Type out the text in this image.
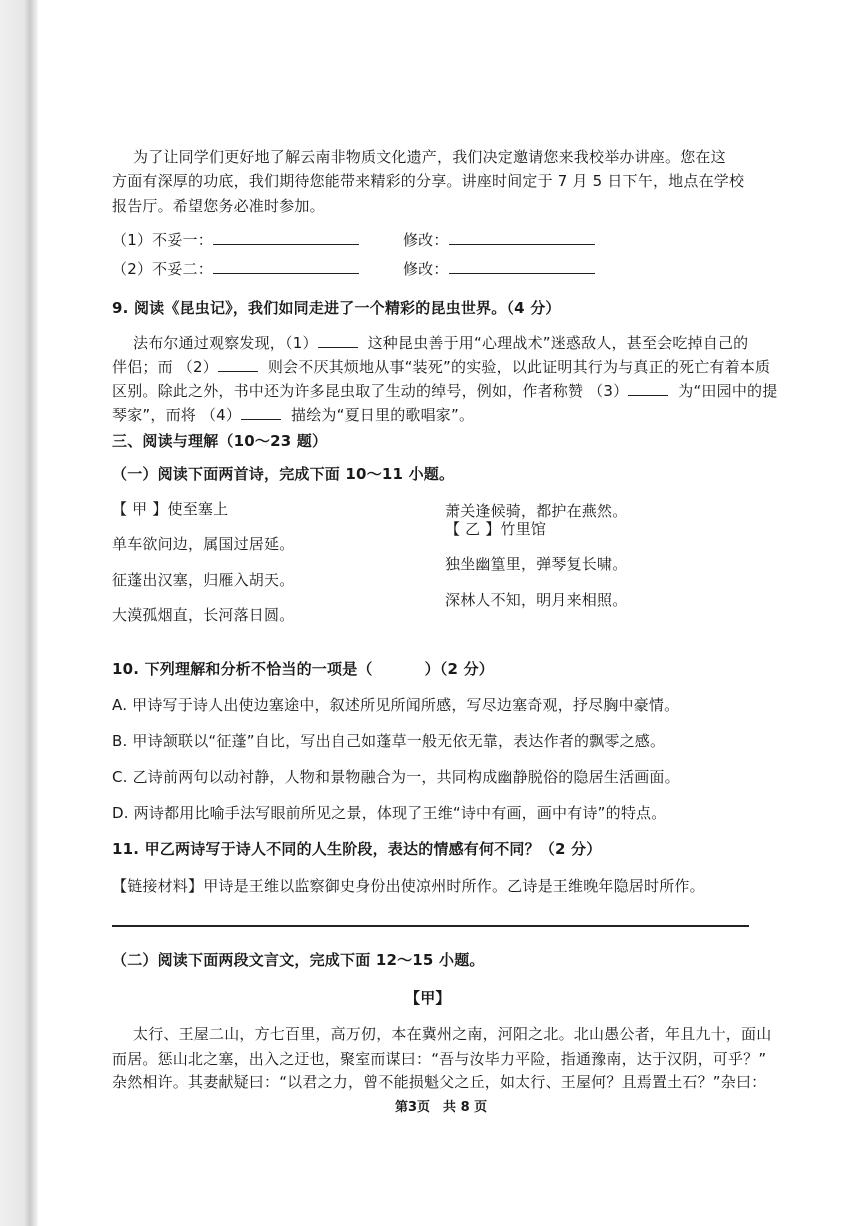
为了让同学们更好地了解云南非物质文化遗产，我们决定邀请您来我校举办讲座。您在这
方面有深厚的功底，我们期待您能带来精彩的分享。讲座时间定于 7 月 5 日下午，地点在学校
报告厅。希望您务必准时参加。
（1）不妥一：	修改：
（2）不妥二：	修改：
9. 阅读《昆虫记》，我们如同走进了一个精彩的昆虫世界。（4 分）
法布尔通过观察发现，（1）	这种昆虫善于用“心理战术”迷惑敌人，甚至会吃掉自己的
伴侣；而 （2）	则会不厌其烦地从事“装死”的实验，以此证明其行为与真正的死亡有着本质
区别。除此之外，书中还为许多昆虫取了生动的绰号，例如，作者称赞 （3）	为“田园中的提
琴家”，而将 （4）	描绘为“夏日里的歌唱家”。
三、阅读与理解（10～23 题）
（一）阅读下面两首诗，完成下面 10～11 小题。
【 甲 】使至塞上
单车欲问边，属国过居延。
征蓬出汉塞，归雁入胡天。
大漠孤烟直，长河落日圆。
萧关逢候骑，都护在燕然。
【 乙 】竹里馆
独坐幽篁里，弹琴复长啸。
深林人不知，明月来相照。
10. 下列理解和分析不恰当的一项是（	）（2 分）
A. 甲诗写于诗人出使边塞途中，叙述所见所闻所感，写尽边塞奇观，抒尽胸中豪情。
B. 甲诗颔联以“征蓬”自比，写出自己如蓬草一般无依无靠，表达作者的飘零之感。
C. 乙诗前两句以动衬静，人物和景物融合为一，共同构成幽静脱俗的隐居生活画面。
D. 两诗都用比喻手法写眼前所见之景，体现了王维“诗中有画，画中有诗”的特点。
11. 甲乙两诗写于诗人不同的人生阶段，表达的情感有何不同？（2 分）
【链接材料】甲诗是王维以监察御史身份出使凉州时所作。乙诗是王维晚年隐居时所作。
（二）阅读下面两段文言文，完成下面 12～15 小题。
【甲】
太行、王屋二山，方七百里，高万仞，本在冀州之南，河阳之北。北山愚公者，年且九十，面山
而居。惩山北之塞，出入之迂也，聚室而谋曰：“吾与汝毕力平险，指通豫南，达于汉阴，可乎？”
杂然相许。其妻献疑曰：“以君之力，曾不能损魁父之丘，如太行、王屋何？且焉置土石？”杂曰：
第3页　共 8 页
